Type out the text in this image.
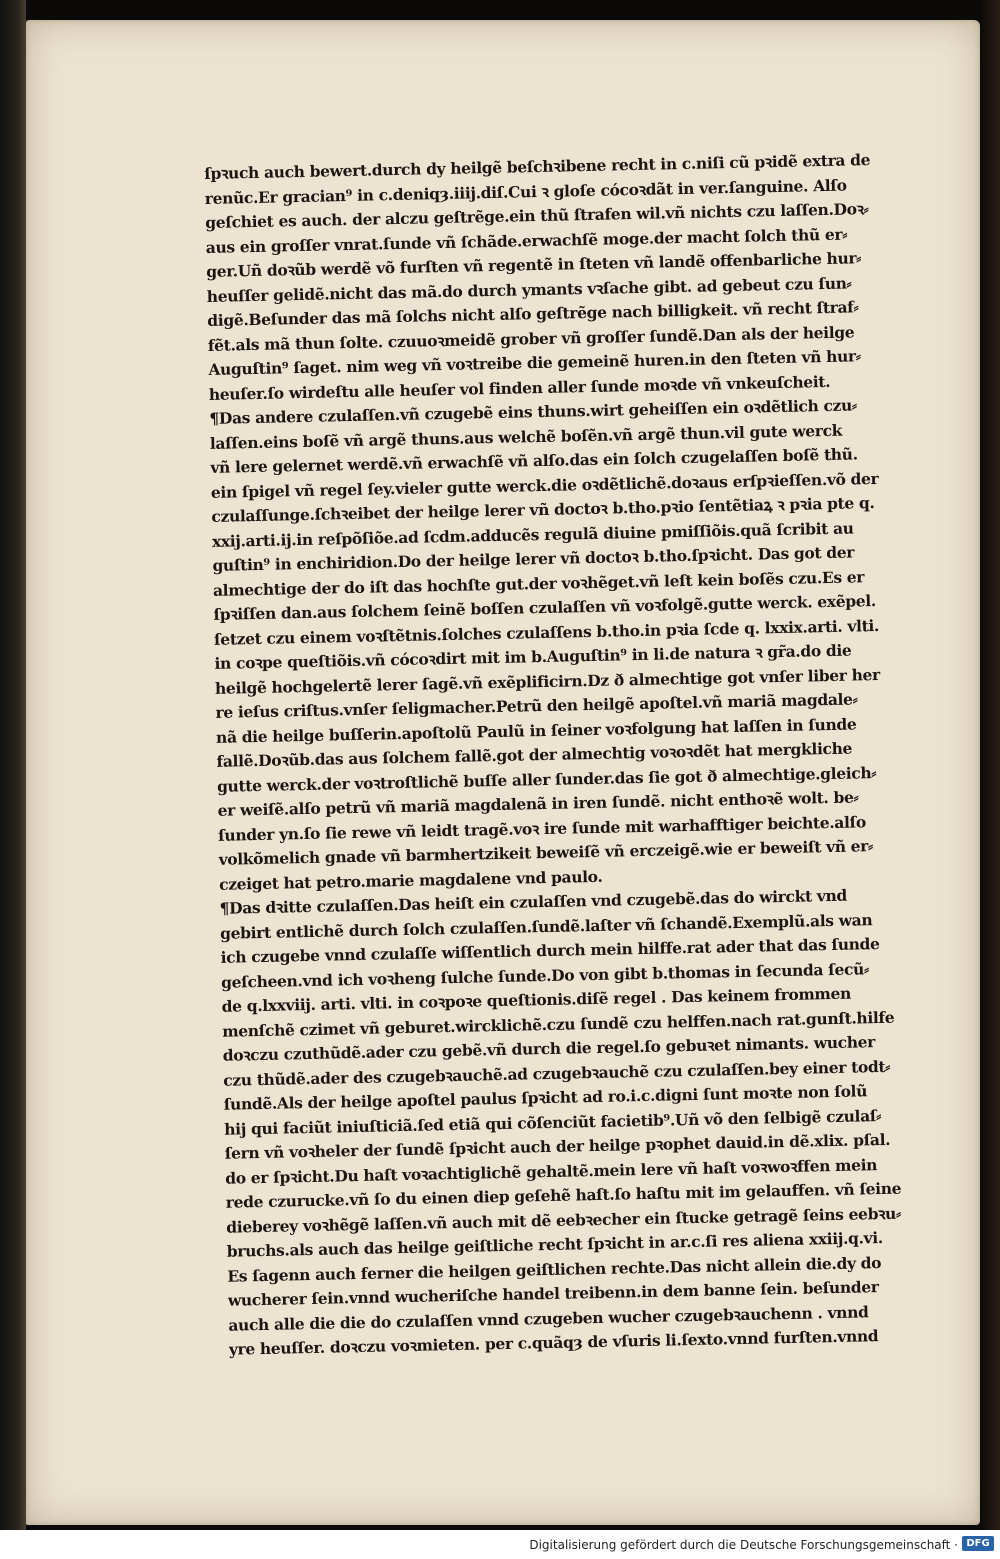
ſpꝛuch auch bewert.durch dy heilgẽ beſchꝛibene recht in c.niſi cũ pꝛidẽ extra de
renũc.Er gracian⁹ in c.deniqȝ.iiij.diſ.Cui ꝛ gloſe cócoꝛdãt in ver.ſanguine. Alſo
geſchiet es auch. der alczu geſtrẽge.ein thũ ſtrafen wil.vñ nichts czu laſſen.Doꝛ⸗
aus ein groſſer vnrat.ſunde vñ ſchãde.erwachſẽ moge.der macht ſolch thũ er⸗
ger.Uñ doꝛũb werdẽ võ furſten vñ regentẽ in ſteten vñ landẽ offenbarliche hur⸗
heuſſer gelidẽ.nicht das mã.do durch ymants vꝛſache gibt. ad gebeut czu ſun⸗
digẽ.Beſunder das mã ſolchs nicht alſo geſtrẽge nach billigkeit. vñ recht ſtraf⸗
fẽt.als mã thun ſolte. czuuoꝛmeidẽ grober vñ groſſer ſundẽ.Dan als der heilge
Auguſtin⁹ ſaget. nim weg vñ voꝛtreibe die gemeinẽ huren.in den ſteten vñ hur⸗
heuſer.ſo wirdeſtu alle heuſer vol finden aller ſunde moꝛde vñ vnkeuſcheit.
¶Das andere czulaſſen.vñ czugebẽ eins thuns.wirt geheiſſen ein oꝛdẽtlich czu⸗
laſſen.eins boſẽ vñ argẽ thuns.aus welchẽ boſẽn.vñ argẽ thun.vil gute werck
vñ lere gelernet werdẽ.vñ erwachſẽ vñ alſo.das ein ſolch czugelaſſen boſẽ thũ.
ein ſpigel vñ regel ſey.vieler gutte werck.die oꝛdẽtlichẽ.doꝛaus erſpꝛieſſen.võ der
czulaſſunge.ſchꝛeibet der heilge lerer vñ doctoꝛ b.tho.pꝛio ſentẽtiaꝝ ꝛ pꝛia pte q.
xxij.arti.ij.in reſpõſiõe.ad ſcdm.adducẽs regulã diuine pmiſſiõis.quã ſcribit au
guſtin⁹ in enchiridion.Do der heilge lerer vñ doctoꝛ b.tho.ſpꝛicht. Das got der
almechtige der do iſt das hochſte gut.der voꝛhẽget.vñ leſt kein boſẽs czu.Es er
ſpꝛiſſen dan.aus ſolchem ſeinẽ boſſen czulaſſen vñ voꝛfolgẽ.gutte werck. exẽpel.
ſetzet czu einem voꝛſtẽtnis.ſolches czulaſſens b.tho.in pꝛia ſcde q. lxxix.arti. vlti.
in coꝛpe queſtiõis.vñ cócoꝛdirt mit im b.Auguſtin⁹ in li.de natura ꝛ gr̃a.do die
heilgẽ hochgelertẽ lerer ſagẽ.vñ exẽplificirn.Dz ð almechtige got vnſer liber her
re ieſus criſtus.vnſer ſeligmacher.Petrũ den heilgẽ apoſtel.vñ mariã magdale⸗
nã die heilge buſſerin.apoſtolũ Paulũ in ſeiner voꝛfolgung hat laſſen in ſunde
fallẽ.Doꝛũb.das aus ſolchem fallẽ.got der almechtig voꝛoꝛdẽt hat mergkliche
gutte werck.der voꝛtroſtlichẽ buſſe aller ſunder.das ſie got ð almechtige.gleich⸗
er weiſẽ.alſo petrũ vñ mariã magdalenã in iren ſundẽ. nicht enthoꝛẽ wolt. be⸗
ſunder yn.ſo ſie rewe vñ leidt tragẽ.voꝛ ire ſunde mit warhafftiger beichte.alſo
volkõmelich gnade vñ barmhertzikeit beweiſẽ vñ erczeigẽ.wie er beweiſt vñ er⸗
czeiget hat petro.marie magdalene vnd paulo.
¶Das dꝛitte czulaſſen.Das heiſt ein czulaſſen vnd czugebẽ.das do wirckt vnd
gebirt entlichẽ durch ſolch czulaſſen.ſundẽ.laſter vñ ſchandẽ.Exemplũ.als wan
ich czugebe vnnd czulaſſe wiſſentlich durch mein hilffe.rat ader that das ſunde
geſcheen.vnd ich voꝛheng ſulche ſunde.Do von gibt b.thomas in ſecunda ſecũ⸗
de q.lxxviij. arti. vlti. in coꝛpoꝛe queſtionis.diſẽ regel . Das keinem frommen
menſchẽ czimet vñ geburet.wircklichẽ.czu ſundẽ czu helffen.nach rat.gunſt.hilfe
doꝛczu czuthũdẽ.ader czu gebẽ.vñ durch die regel.ſo gebuꝛet nimants. wucher
czu thũdẽ.ader des czugebꝛauchẽ.ad czugebꝛauchẽ czu czulaſſen.bey einer todt⸗
ſundẽ.Als der heilge apoſtel paulus ſpꝛicht ad ro.i.c.digni ſunt moꝛte non ſolũ
hij qui faciũt iniuſticiã.ſed etiã qui cõſenciũt facietib⁹.Uñ võ den ſelbigẽ czulaſ⸗
ſern vñ voꝛheler der ſundẽ ſpꝛicht auch der heilge pꝛophet dauid.in dẽ.xlix. pſal.
do er ſpꝛicht.Du haſt voꝛachtiglichẽ gehaltẽ.mein lere vñ haſt voꝛwoꝛffen mein
rede czurucke.vñ ſo du einen diep geſehẽ haſt.ſo haſtu mit im gelauffen. vñ ſeine
dieberey voꝛhẽgẽ laſſen.vñ auch mit dẽ eebꝛecher ein ſtucke getragẽ ſeins eebꝛu⸗
bruchs.als auch das heilge geiſtliche recht ſpꝛicht in ar.c.ſi res aliena xxiij.q.vi.
Es ſagenn auch ferner die heilgen geiſtlichen rechte.Das nicht allein die.dy do
wucherer ſein.vnnd wucheriſche handel treibenn.in dem banne ſein. beſunder
auch alle die die do czulaſſen vnnd czugeben wucher czugebꝛauchenn . vnnd
yre heuſſer. doꝛczu voꝛmieten. per c.quãqȝ de vſuris li.ſexto.vnnd furſten.vnnd
Digitalisierung gefördert durch die Deutsche Forschungsgemeinschaft · DFG
